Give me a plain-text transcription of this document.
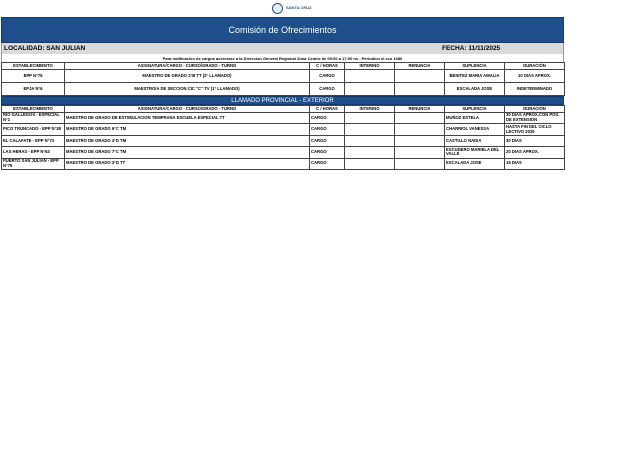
SANTA CRUZ
Comisión de Ofrecimientos
LOCALIDAD: SAN JULIAN	FECHA: 11/11/2025
Para notificación de cargos acercarse a la Direccion General Regional Zona Centro de 09:00 a 17:00 hs - Periodico el eco 1686
ESTABLECIMIENTO	ASIGNATURA/CARGO - CURSO/GRADO - TURNO	C / HORAS	INTERINO	RENUNCIA	SUPLENCIA	DURACIÓN
EPP N°75	MAESTRO DE GRADO 2°B TT (2° LLAMADO)	CARGO			BENITEZ MARIA AMALIA	10 DIAS APROX.
EPJA N°6	MAESTRO/A DE SECCION CIC "C" TV (1° LLAMADO)	CARGO			ESCALADA JOSE	INDETERMINADO
LLAMADO PROVINCIAL - EXTERIOR
ESTABLECIMIENTO	ASIGNATURA/CARGO - CURSO/GRADO - TURNO	C / HORAS	INTERINO	RENUNCIA	SUPLENCIA	DURACIÓN
RIO GALLEGOS - ESPECIAL N°1	MAESTRO DE GRADO DE ESTIMULACION TEMPRANA ESCUELA ESPECIAL TT	CARGO			MUÑOZ ESTELA	30 DIAS APROX.CON POS. DE EXTENSION
PICO TRUNCADO - EPP N°38	MAESTRO DE GRADO 6°C TM	CARGO			CHARRIOL VANESSA	HASTA FIN DEL CICLO LECTIVO 2025
EL CALAFATE - EPP N°73	MAESTRO DE GRADO 4°D TM	CARGO			CASTILLO NADIA	30 DIAS
LAS HERAS - EPP N°63	MAESTRO DE GRADO 7°C TM	CARGO			ESCUDERO MARIELA DEL VALLE	20 DIAS APROX.
PUERTO SAN JULIAN - EPP N°75	MAESTRO DE GRADO 3°D TT	CARGO			ESCALADA JOSE	15 DIAS
